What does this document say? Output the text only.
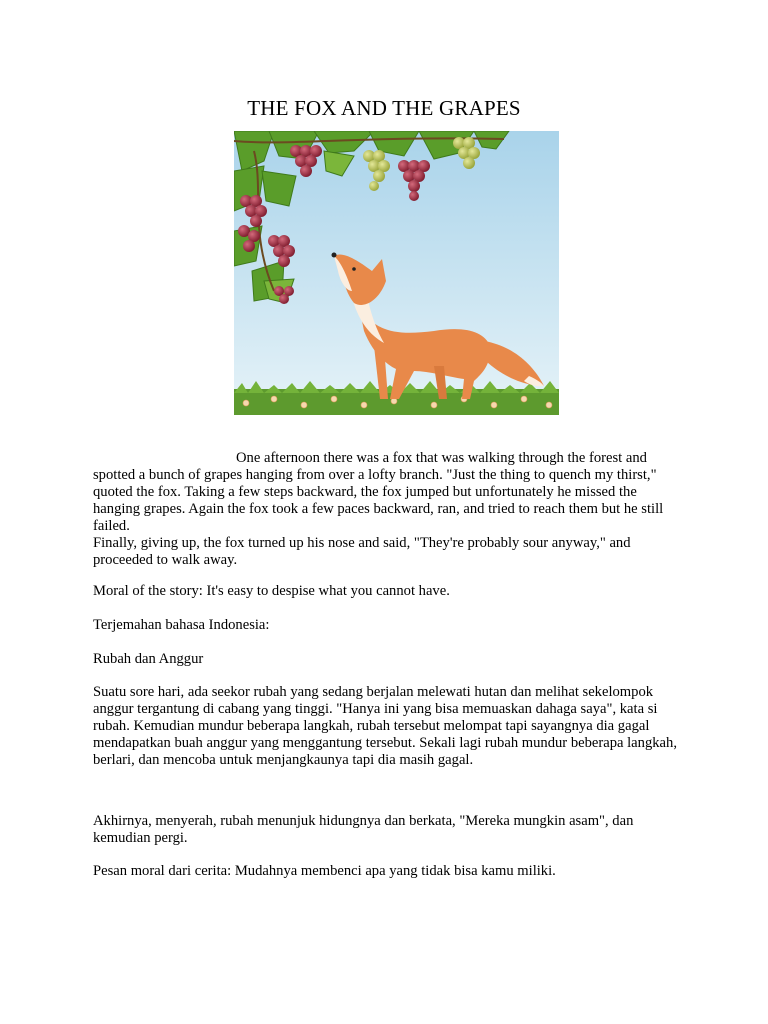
THE FOX AND THE GRAPES

One afternoon there was a fox that was walking through the forest and spotted a bunch of grapes hanging from over a lofty branch. "Just the thing to quench my thirst," quoted the fox. Taking a few steps backward, the fox jumped but unfortunately he missed the hanging grapes. Again the fox took a few paces backward, ran, and tried to reach them but he still failed.
Finally, giving up, the fox turned up his nose and said, "They're probably sour anyway," and proceeded to walk away.

Moral of the story: It's easy to despise what you cannot have.

Terjemahan bahasa Indonesia:

Rubah dan Anggur

Suatu sore hari, ada seekor rubah yang sedang berjalan melewati hutan dan melihat sekelompok anggur tergantung di cabang yang tinggi. "Hanya ini yang bisa memuaskan dahaga saya", kata si rubah. Kemudian mundur beberapa langkah, rubah tersebut melompat tapi sayangnya dia gagal mendapatkan buah anggur yang menggantung tersebut. Sekali lagi rubah mundur beberapa langkah, berlari, dan mencoba untuk menjangkaunya tapi dia masih gagal.

Akhirnya, menyerah, rubah menunjuk hidungnya dan berkata, "Mereka mungkin asam", dan kemudian pergi.

Pesan moral dari cerita: Mudahnya membenci apa yang tidak bisa kamu miliki.
